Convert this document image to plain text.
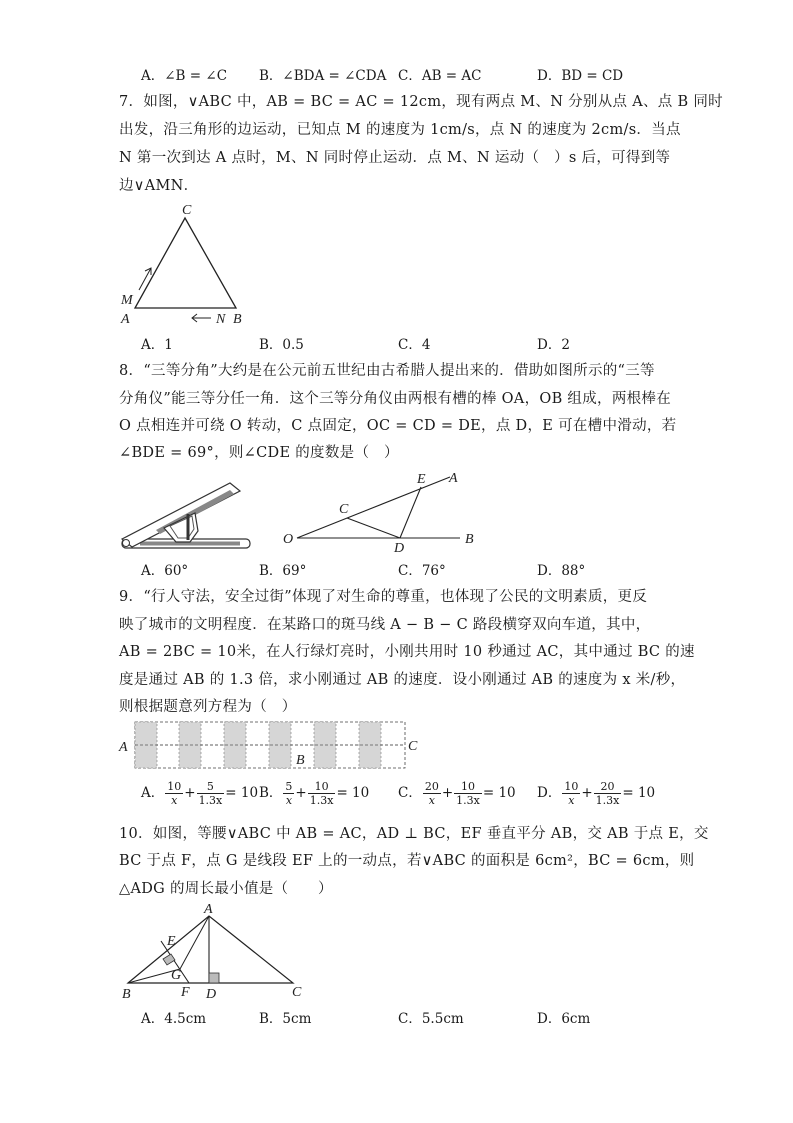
A．∠B = ∠C B．∠BDA = ∠CDA C．AB = AC	D．BD = CD
7．如图，∨ABC 中，AB = BC = AC = 12cm，现有两点 M、N 分别从点 A、点 B 同时
出发，沿三角形的边运动，已知点 M 的速度为 1cm/s，点 N 的速度为 2cm/s．当点
N 第一次到达 A 点时，M、N 同时停止运动．点 M、N 运动（　）s 后，可得到等
边∨AMN．
C
M
A	N B
A．1	B．0.5	C．4	D．2
8．“三等分角”大约是在公元前五世纪由古希腊人提出来的．借助如图所示的“三等
分角仪”能三等分任一角．这个三等分角仪由两根有槽的棒 OA，OB 组成，两根棒在
O 点相连并可绕 O 转动，C 点固定，OC = CD = DE，点 D，E 可在槽中滑动，若
∠BDE = 69°，则∠CDE 的度数是（　）
E A
C
O
D
B
A．60°	B．69°	C．76°	D．88°
9．“行人守法，安全过街”体现了对生命的尊重，也体现了公民的文明素质，更反
映了城市的文明程度．在某路口的斑马线 A − B − C 路段横穿双向车道，其中，
AB = 2BC = 10米，在人行绿灯亮时，小刚共用时 10 秒通过 AC，其中通过 BC 的速
度是通过 AB 的 1.3 倍，求小刚通过 AB 的速度．设小刚通过 AB 的速度为 x 米/秒，
则根据题意列方程为（　）
A
B
C
A． $\frac{10}{x} + \frac{5}{1.3x} = 10$ B． $\frac{5}{x} + \frac{10}{1.3x} = 10$ C． $\frac{20}{x} + \frac{10}{1.3x} = 10$ D． $\frac{10}{x} + \frac{20}{1.3x} = 10$
10．如图，等腰∨ABC 中 AB = AC，AD ⊥ BC，EF 垂直平分 AB，交 AB 于点 E，交
BC 于点 F，点 G 是线段 EF 上的一动点，若∨ABC 的面积是 6cm²，BC = 6cm，则
△ADG 的周长最小值是（　　）
A
E
G
B	F D	C
A．4.5cm	B．5cm	C．5.5cm	D．6cm
